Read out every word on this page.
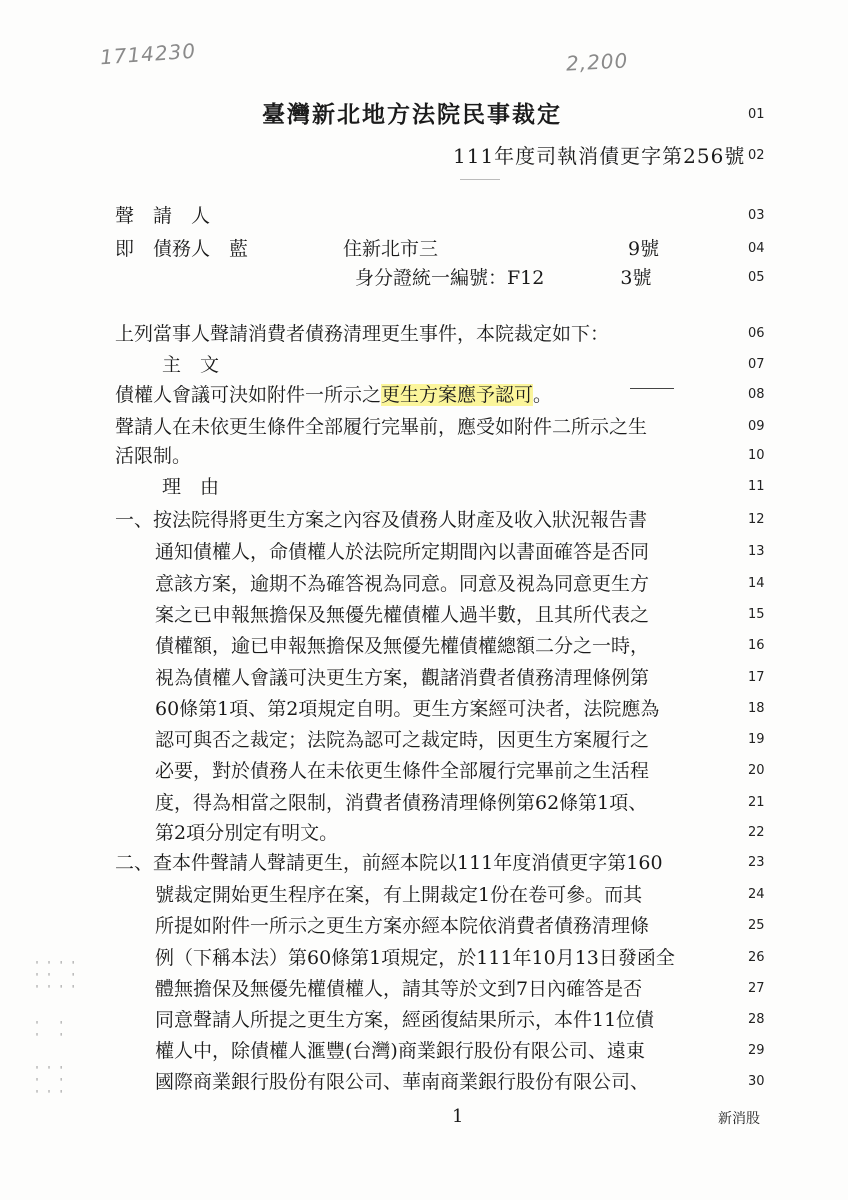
1714230	2,200
臺灣新北地方法院民事裁定	01
111年度司執消債更字第256號 02
聲　請　人	03
即　債務人　藍　　　　　住新北市三　　　　　　　　　　9號	04
身分證統一編號：F12　　　　3號	05
上列當事人聲請消費者債務清理更生事件，本院裁定如下：	06
主　文	07
債權人會議可決如附件一所示之更生方案應予認可。	08
聲請人在未依更生條件全部履行完畢前，應受如附件二所示之生	09
活限制。	10
理　由	11
一、按法院得將更生方案之內容及債務人財產及收入狀況報告書	12
通知債權人，命債權人於法院所定期間內以書面確答是否同	13
意該方案，逾期不為確答視為同意。同意及視為同意更生方	14
案之已申報無擔保及無優先權債權人過半數，且其所代表之	15
債權額，逾已申報無擔保及無優先權債權總額二分之一時，	16
視為債權人會議可決更生方案，觀諸消費者債務清理條例第	17
60條第1項、第2項規定自明。更生方案經可決者，法院應為	18
認可與否之裁定；法院為認可之裁定時，因更生方案履行之	19
必要，對於債務人在未依更生條件全部履行完畢前之生活程	20
度，得為相當之限制，消費者債務清理條例第62條第1項、	21
第2項分別定有明文。	22
二、查本件聲請人聲請更生，前經本院以111年度消債更字第160	23
號裁定開始更生程序在案，有上開裁定1份在卷可參。而其	24
所提如附件一所示之更生方案亦經本院依消費者債務清理條	25
例（下稱本法）第60條第1項規定，於111年10月13日發函全	26
體無擔保及無優先權債權人，請其等於文到7日內確答是否	27
同意聲請人所提之更生方案，經函復結果所示，本件11位債	28
權人中，除債權人滙豐(台灣)商業銀行股份有限公司、遠東	29
國際商業銀行股份有限公司、華南商業銀行股份有限公司、	30
' ' ' '
' '   '
' ' ' '
'   '
'   '
' ' '
'   '
' ' '
1	新消股
